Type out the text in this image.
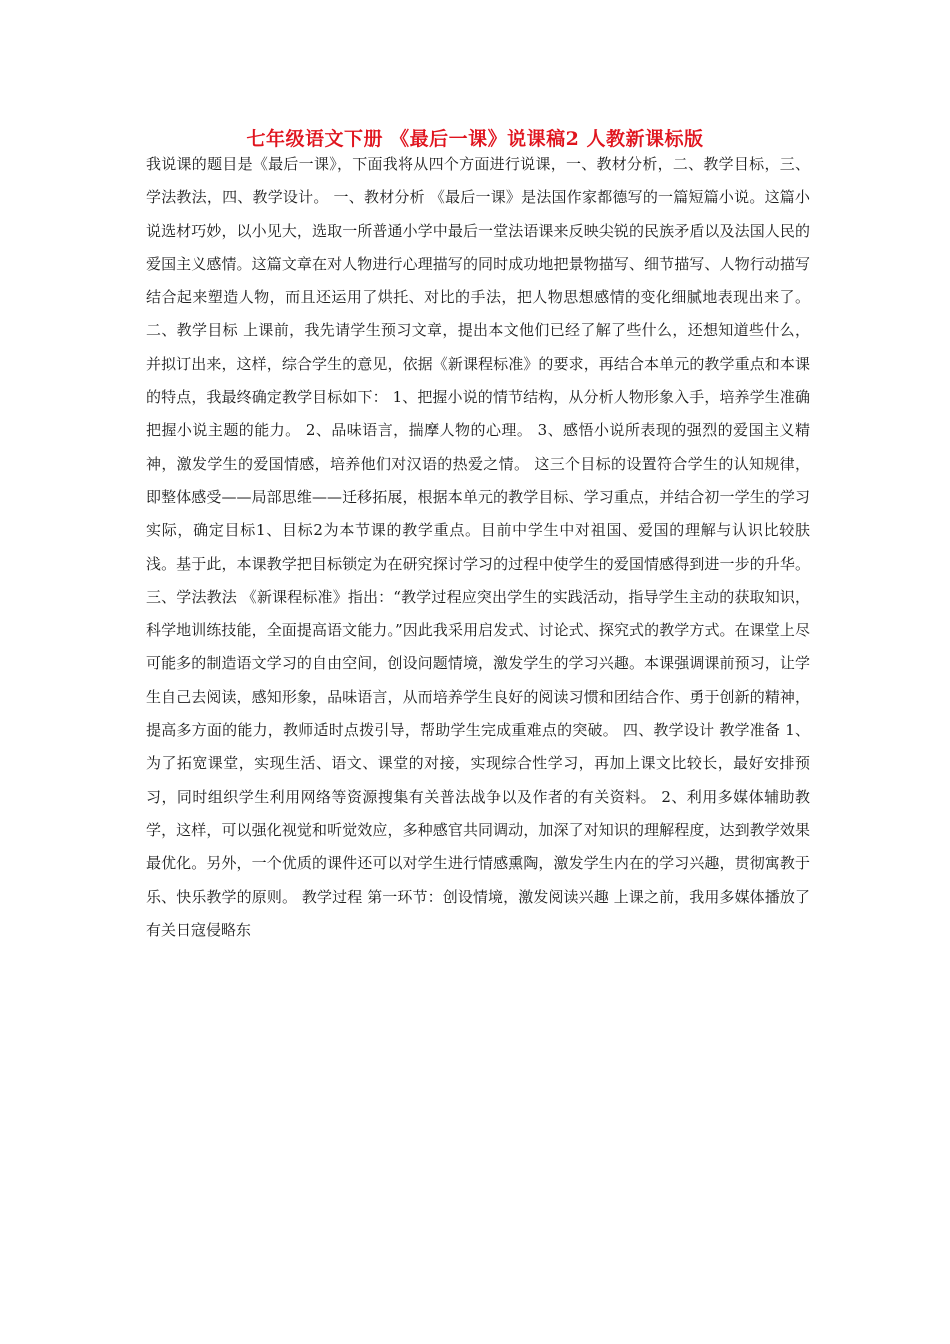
七年级语文下册 《最后一课》说课稿2 人教新课标版

我说课的题目是《最后一课》，下面我将从四个方面进行说课，一、教材分析，二、教学目标，三、学法教法，四、教学设计。 一、教材分析 《最后一课》是法国作家都德写的一篇短篇小说。这篇小说选材巧妙，以小见大，选取一所普通小学中最后一堂法语课来反映尖锐的民族矛盾以及法国人民的爱国主义感情。这篇文章在对人物进行心理描写的同时成功地把景物描写、细节描写、人物行动描写结合起来塑造人物，而且还运用了烘托、对比的手法，把人物思想感情的变化细腻地表现出来了。 二、教学目标 上课前，我先请学生预习文章，提出本文他们已经了解了些什么，还想知道些什么，并拟订出来，这样，综合学生的意见，依据《新课程标准》的要求，再结合本单元的教学重点和本课的特点，我最终确定教学目标如下： 1、把握小说的情节结构，从分析人物形象入手，培养学生准确把握小说主题的能力。 2、品味语言，揣摩人物的心理。 3、感悟小说所表现的强烈的爱国主义精神，激发学生的爱国情感，培养他们对汉语的热爱之情。 这三个目标的设置符合学生的认知规律，即整体感受——局部思维——迁移拓展，根据本单元的教学目标、学习重点，并结合初一学生的学习实际，确定目标1、目标2为本节课的教学重点。目前中学生中对祖国、爱国的理解与认识比较肤浅。基于此，本课教学把目标锁定为在研究探讨学习的过程中使学生的爱国情感得到进一步的升华。 三、学法教法 《新课程标准》指出：“教学过程应突出学生的实践活动，指导学生主动的获取知识，科学地训练技能，全面提高语文能力。”因此我采用启发式、讨论式、探究式的教学方式。在课堂上尽可能多的制造语文学习的自由空间，创设问题情境，激发学生的学习兴趣。本课强调课前预习，让学生自己去阅读，感知形象，品味语言，从而培养学生良好的阅读习惯和团结合作、勇于创新的精神，提高多方面的能力，教师适时点拨引导，帮助学生完成重难点的突破。 四、教学设计 教学准备 1、为了拓宽课堂，实现生活、语文、课堂的对接，实现综合性学习，再加上课文比较长，最好安排预习，同时组织学生利用网络等资源搜集有关普法战争以及作者的有关资料。 2、利用多媒体辅助教学，这样，可以强化视觉和听觉效应，多种感官共同调动，加深了对知识的理解程度，达到教学效果最优化。另外，一个优质的课件还可以对学生进行情感熏陶，激发学生内在的学习兴趣，贯彻寓教于乐、快乐教学的原则。 教学过程 第一环节：创设情境，激发阅读兴趣 上课之前，我用多媒体播放了有关日寇侵略东
